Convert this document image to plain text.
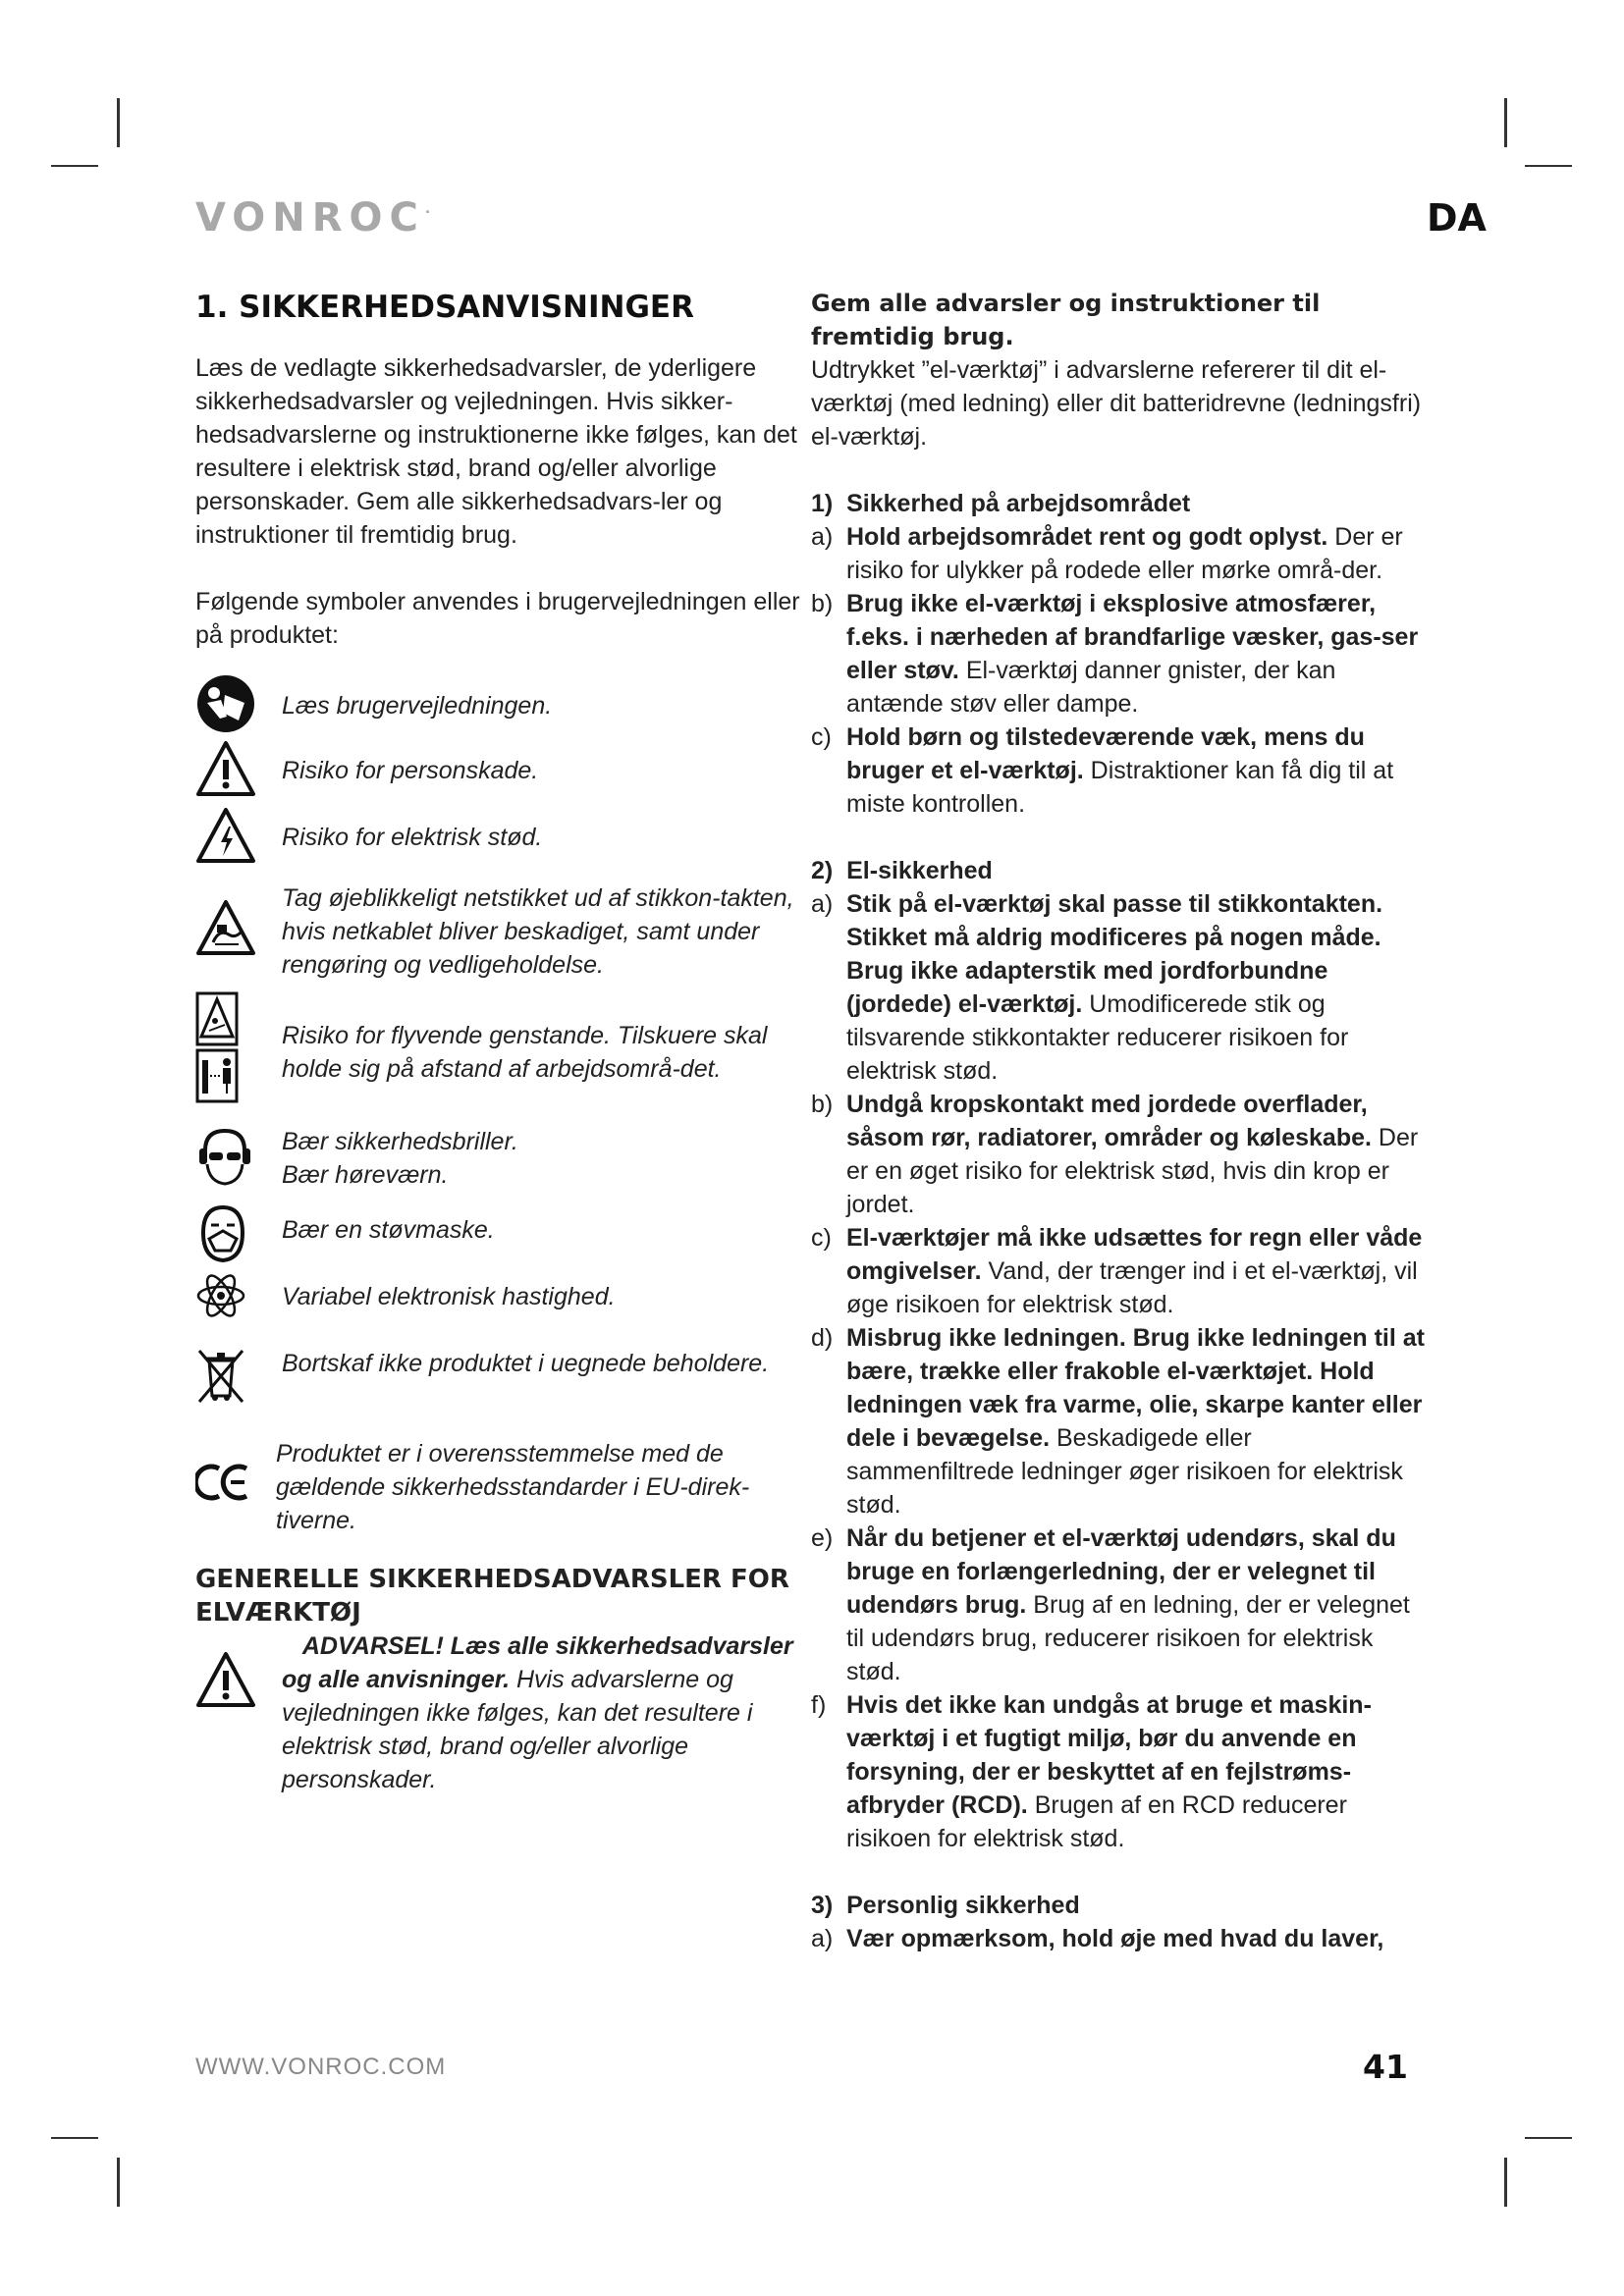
VONROC·	DA
1. SIKKERHEDSANVISNINGER

Læs de vedlagte sikkerhedsadvarsler, de yderligere sikkerhedsadvarsler og vejledningen. Hvis sikker-hedsadvarslerne og instruktionerne ikke følges, kan det resultere i elektrisk stød, brand og/eller alvorlige personskader. Gem alle sikkerhedsadvars-ler og instruktioner til fremtidig brug.

Følgende symboler anvendes i brugervejledningen eller på produktet:

Læs brugervejledningen.
Risiko for personskade.
Risiko for elektrisk stød.
Tag øjeblikkeligt netstikket ud af stikkon-takten, hvis netkablet bliver beskadiget, samt under rengøring og vedligeholdelse.
Risiko for flyvende genstande. Tilskuere skal holde sig på afstand af arbejdsområ-det.
Bær sikkerhedsbriller.
Bær høreværn.
Bær en støvmaske.
Variabel elektronisk hastighed.
Bortskaf ikke produktet i uegnede beholdere.
Produktet er i overensstemmelse med de gældende sikkerhedsstandarder i EU-direk-tiverne.
GENERELLE SIKKERHEDSADVARSLER FOR ELVÆRKTØJ
ADVARSEL! Læs alle sikkerhedsadvarsler og alle anvisninger. Hvis advarslerne og vejledningen ikke følges, kan det resultere i elektrisk stød, brand og/eller alvorlige personskader.

Gem alle advarsler og instruktioner til fremtidig brug.

Udtrykket ”el-værktøj” i advarslerne refererer til dit el-værktøj (med ledning) eller dit batteridrevne (ledningsfri) el-værktøj.

1)  Sikkerhed på arbejdsområdet
a) Hold arbejdsområdet rent og godt oplyst. Der er risiko for ulykker på rodede eller mørke områ-der.
b) Brug ikke el-værktøj i eksplosive atmosfærer, f.eks. i nærheden af brandfarlige væsker, gas-ser eller støv. El-værktøj danner gnister, der kan antænde støv eller dampe.
c) Hold børn og tilstedeværende væk, mens du bruger et el-værktøj. Distraktioner kan få dig til at miste kontrollen.
2)  El-sikkerhed
a) Stik på el-værktøj skal passe til stikkontakten. Stikket må aldrig modificeres på nogen måde. Brug ikke adapterstik med jordforbundne (jordede) el-værktøj. Umodificerede stik og tilsvarende stikkontakter reducerer risikoen for elektrisk stød.
b) Undgå kropskontakt med jordede overflader, såsom rør, radiatorer, områder og køleskabe. Der er en øget risiko for elektrisk stød, hvis din krop er jordet.
c) El-værktøjer må ikke udsættes for regn eller våde omgivelser. Vand, der trænger ind i et el-værktøj, vil øge risikoen for elektrisk stød.
d) Misbrug ikke ledningen. Brug ikke ledningen til at bære, trække eller frakoble el-værktøjet. Hold ledningen væk fra varme, olie, skarpe kanter eller dele i bevægelse. Beskadigede eller sammenfiltrede ledninger øger risikoen for elektrisk stød.
e) Når du betjener et el-værktøj udendørs, skal du bruge en forlængerledning, der er velegnet til udendørs brug. Brug af en ledning, der er velegnet til udendørs brug, reducerer risikoen for elektrisk stød.
f) Hvis det ikke kan undgås at bruge et maskin-værktøj i et fugtigt miljø, bør du anvende en forsyning, der er beskyttet af en fejlstrøms-afbryder (RCD). Brugen af en RCD reducerer risikoen for elektrisk stød.
3)  Personlig sikkerhed
a) Vær opmærksom, hold øje med hvad du laver,
WWW.VONROC.COM	41
